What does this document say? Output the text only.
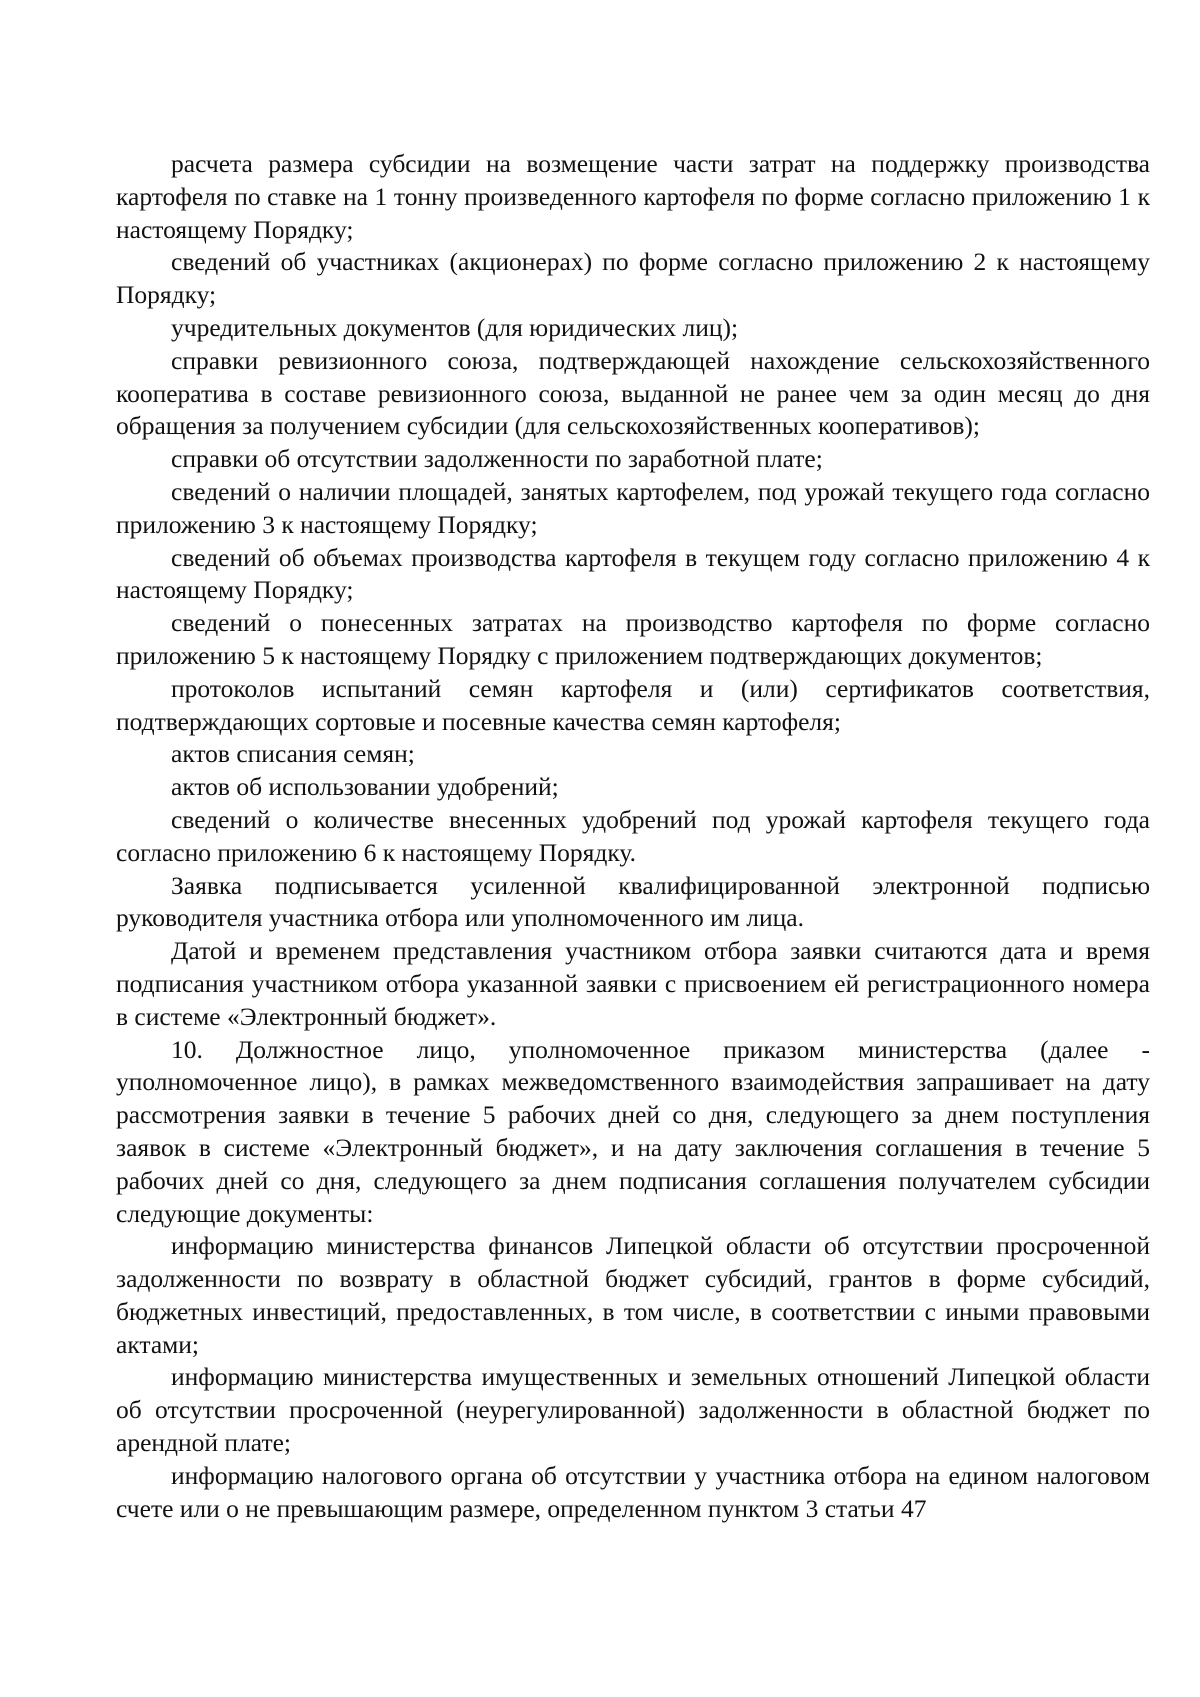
расчета размера субсидии на возмещение части затрат на поддержку производства картофеля по ставке на 1 тонну произведенного картофеля по форме согласно приложению 1 к настоящему Порядку;

сведений об участниках (акционерах) по форме согласно приложению 2 к настоящему Порядку;

учредительных документов (для юридических лиц);

справки ревизионного союза, подтверждающей нахождение сельскохозяйственного кооператива в составе ревизионного союза, выданной не ранее чем за один месяц до дня обращения за получением субсидии (для сельскохозяйственных кооперативов);

справки об отсутствии задолженности по заработной плате;

сведений о наличии площадей, занятых картофелем, под урожай текущего года согласно приложению 3 к настоящему Порядку;

сведений об объемах производства картофеля в текущем году согласно приложению 4 к настоящему Порядку;

сведений о понесенных затратах на производство картофеля по форме согласно приложению 5 к настоящему Порядку с приложением подтверждающих документов;

протоколов испытаний семян картофеля и (или) сертификатов соответствия, подтверждающих сортовые и посевные качества семян картофеля;

актов списания семян;

актов об использовании удобрений;

сведений о количестве внесенных удобрений под урожай картофеля текущего года согласно приложению 6 к настоящему Порядку.

Заявка подписывается усиленной квалифицированной электронной подписью руководителя участника отбора или уполномоченного им лица.

Датой и временем представления участником отбора заявки считаются дата и время подписания участником отбора указанной заявки с присвоением ей регистрационного номера в системе «Электронный бюджет».

10. Должностное лицо, уполномоченное приказом министерства (далее - уполномоченное лицо), в рамках межведомственного взаимодействия запрашивает на дату рассмотрения заявки в течение 5 рабочих дней со дня, следующего за днем поступления заявок в системе «Электронный бюджет», и на дату заключения соглашения в течение 5 рабочих дней со дня, следующего за днем подписания соглашения получателем субсидии следующие документы:

информацию министерства финансов Липецкой области об отсутствии просроченной задолженности по возврату в областной бюджет субсидий, грантов в форме субсидий, бюджетных инвестиций, предоставленных, в том числе, в соответствии с иными правовыми актами;

информацию министерства имущественных и земельных отношений Липецкой области об отсутствии просроченной (неурегулированной) задолженности в областной бюджет по арендной плате;

информацию налогового органа об отсутствии у участника отбора на едином налоговом счете или о не превышающим размере, определенном пунктом 3 статьи 47
